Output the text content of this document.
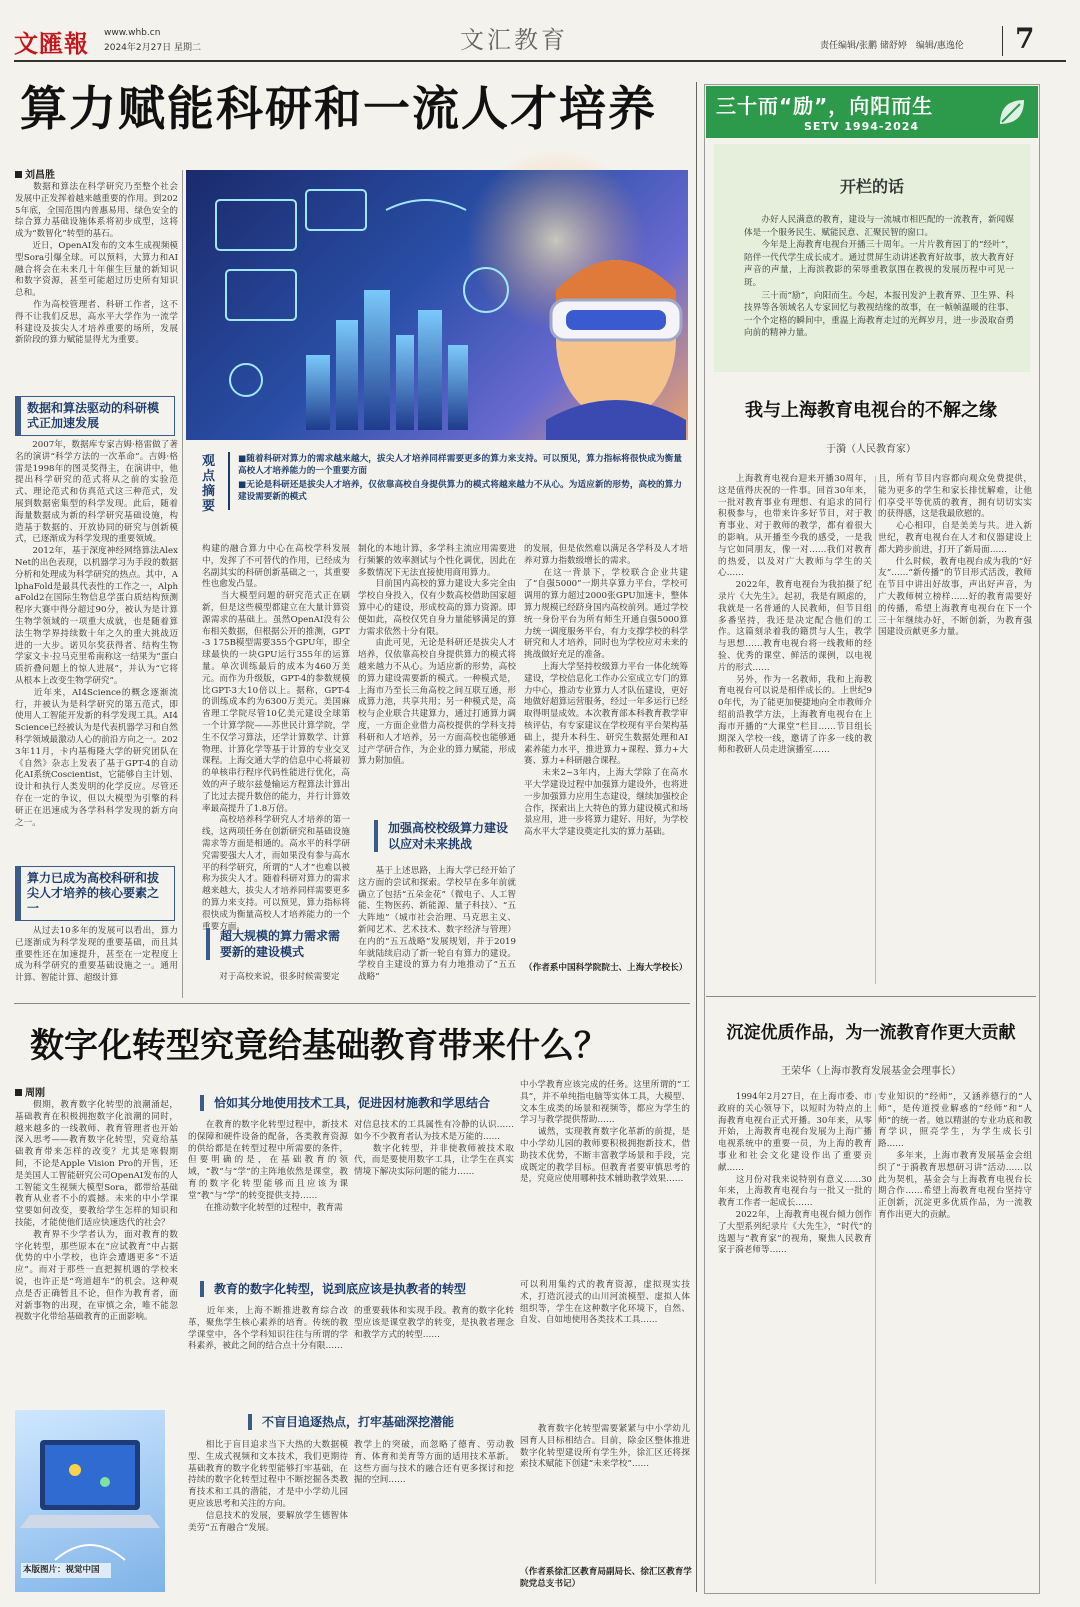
文匯報 www.whb.cn
2024年2月27日 星期二	文汇教育	责任编辑/张鹏 储舒婷　编辑/惠逸伦 7
算力赋能科研和一流人才培养
刘昌胜
　　数据和算法在科学研究乃至整个社会发展中正发挥着越来越重要的作用。到2025年底，全国范围内普惠易用、绿色安全的综合算力基础设施体系将初步成型，这将成为“数智化”转型的基石。
　　近日，OpenAI发布的文本生成视频模型Sora引爆全球。可以预料，大算力和AI融合将会在未来几十年催生巨量的新知识和数字资源，甚至可能超过历史所有知识总和。
　　作为高校管理者、科研工作者，这不得不让我们反思，高水平大学作为一流学科建设及拔尖人才培养重要的场所，发展新阶段的算力赋能显得尤为重要。
数据和算法驱动的科研模式正加速发展
　　2007年，数据库专家吉姆·格雷做了著名的演讲“科学方法的一次革命”。吉姆·格雷是1998年的图灵奖得主，在演讲中，他提出科学研究的范式将从之前的实验范式、理论范式和仿真范式这三种范式，发展到数据密集型的科学发现。此后，随着海量数据成为新的科学研究基础设施，构造基于数据的、开放协同的研究与创新模式，已逐渐成为科学发现的重要领域。
　　2012年，基于深度神经网络算法AlexNet的出色表现，以机器学习为手段的数据分析和处理成为科学研究的热点。其中，AlphaFold是最具代表性的工作之一，AlphaFold2在国际生物信息学蛋白质结构预测程序大赛中得分超过90分，被认为是计算生物学领域的一项重大成就，也是随着算法生物学界持续数十年之久的重大挑战迈进的一大步。诺贝尔奖获得者、结构生物学家文卡·拉马克里希南称这一结果为“蛋白质折叠问题上的惊人进展”，并认为“它将从根本上改变生物学研究”。
　　近年来，AI4Science的概念逐渐流行，并被认为是科学研究的第五范式，即使用人工智能开发新的科学发现工具。AI4Science已经被认为是代表机器学习和自然科学领域最激动人心的前沿方向之一。2023年11月，卡内基梅隆大学的研究团队在《自然》杂志上发表了基于GPT-4的自动化AI系统Coscientist，它能够自主计划、设计和执行人类发明的化学反应。尽管还存在一定的争议，但以大模型为引擎的科研正在迅速成为各学科科学发现的新方向之一。
算力已成为高校科研和拔尖人才培养的核心要素之一
　　从过去10多年的发展可以看出，算力已逐渐成为科学发现的重要基础，而且其重要性还在加速提升，甚至在一定程度上成为科学研究的重要基础设施之一。通用计算、智能计算、超级计算
观点摘要
■随着科研对算力的需求越来越大，拔尖人才培养同样需要更多的算力来支持。可以预见，算力指标将很快成为衡量高校人才培养能力的一个重要方面
■无论是科研还是拔尖人才培养，仅依靠高校自身提供算力的模式将越来越力不从心。为适应新的形势，高校的算力建设需要新的模式
构建的融合算力中心在高校学科发展中，发挥了不可替代的作用，已经成为名副其实的科研创新基础之一，其重要性也愈发凸显。
　　当大模型问题的研究范式正在刷新，但是这些模型都建立在大量计算资源需求的基础上。虽然OpenAI没有公布相关数据，但根据公开的推测，GPT-3 175B模型需要355个GPU年，即全球最快的一块GPU运行355年的运算量。单次训练最后的成本为460万美元。而作为升级版，GPT-4的参数规模比GPT-3大10倍以上。据称，GPT-4的训练成本约为6300万美元。美国麻省理工学院尽管10亿美元建设全球第一个计算学院——苏世民计算学院，学生不仅学习算法，还学计算数学、计算物理、计算化学等基于计算的专业交叉课程。上海交通大学的信息中心将最初的单核串行程序代码性能进行优化，高效的声子玻尔兹曼输运方程算法计算出了比过去提升数倍的能力，并行计算效率最高提升了1.8万倍。
　　高校培养科学研究人才培养的第一线，这两项任务在创新研究和基础设施需求等方面是相通的。高水平的科学研究需要强大人才，而如果没有参与高水平的科学研究，所谓的“人才”也难以被称为拔尖人才。随着科研对算力的需求越来越大，拔尖人才培养同样需要更多的算力来支持。可以预见，算力指标将很快成为衡量高校人才培养能力的一个重要方面。
超大规模的算力需求需要新的建设模式
　　对于高校来说，很多时候需要定
制化的本地计算，多学科主流应用需要进行频繁的效率测试与个性化调优，因此在多数情况下无法直接使用商用算力。
　　目前国内高校的算力建设大多完全由学校自身投入，仅有少数高校借助国家超算中心的建设，形成校高的算力资源。即便如此，高校仅凭自身力量能够满足的算力需求依然十分有限。
　　由此可见，无论是科研还是拔尖人才培养，仅依靠高校自身提供算力的模式将越来越力不从心。为适应新的形势，高校的算力建设需要新的模式。一种模式是，上海市乃至长三角高校之间互联互通，形成算力池，共享共用；另一种模式是，高校与企业联合共建算力，通过打通算力调度，一方面企业借力高校提供的学科支持科研和人才培养，另一方面高校也能够通过产学研合作，为企业的算力赋能，形成算力附加值。
加强高校校级算力建设以应对未来挑战
　　基于上述思路，上海大学已经开始了这方面的尝试和探索。学校早在多年前就确立了包括“五朵金花”（微电子、人工智能、生物医药、新能源、量子科技）、“五大阵地”（城市社会治理、马克思主义、新闻艺术、艺术技术、数字经济与管理）在内的“五五战略”发展规划，并于2019年就陆续启动了新一轮自有算力的建设。学校自主建设的算力有力地推动了“五五战略”
的发展，但是依然难以满足各学科及人才培养对算力指数级增长的需求。
　　在这一背景下，学校联合企业共建了“自强5000”一期共享算力平台，学校可调用的算力超过2000张GPU加速卡，整体算力规模已经跻身国内高校前列。通过学校统一身份平台为所有师生开通自强5000算力统一调度服务平台，有力支撑学校的科学研究和人才培养，同时也为学校应对未来的挑战做好充足的准备。
　　上海大学坚持校级算力平台一体化统筹建设，学校信息化工作办公室成立专门的算力中心，推动专业算力人才队伍建设，更好地做好超算运营服务，经过一年多运行已经取得明显成效。本次教育部本科教育教学审核评估，有专家建议在学校现有平台架构基础上，提升本科生、研究生数据处理和AI素养能力水平，推进算力+课程、算力+大赛、算力+科研融合课程。
　　未来2~3年内，上海大学除了在高水平大学建设过程中加强算力建设外，也将进一步加强算力应用生态建设，继续加强校企合作，探索出上大特色的算力建设模式和场景应用，进一步将算力建好、用好，为学校高水平大学建设奠定扎实的算力基础。
（作者系中国科学院院士、上海大学校长）
数字化转型究竟给基础教育带来什么？
周刚
　　假期，教育数字化转型的浪潮涌起，基础教育在积极拥抱数字化浪潮的同时，越来越多的一线教师、教育管理者也开始深入思考——教育数字化转型，究竟给基础教育带来怎样的改变？尤其是寒假期间，不论是Apple Vision Pro的开售，还是美国人工智能研究公司OpenAI发布的人工智能文生视频大模型Sora，都带给基础教育从业者不小的震撼。未来的中小学课堂要如何改变，要教给学生怎样的知识和技能，才能使他们适应快速迭代的社会？
　　教育界不少学者认为，面对教育的数字化转型，那些原本在“应试教育”中占据优势的中小学校，也许会遭遇更多“不适应”。而对于那些一直把握机遇的学校来说，也许正是“弯道超车”的机会。这种观点是否正确暂且不论，但作为教育者，面对新事物的出现，在审慎之余，唯不能忽视数字化带给基础教育的正面影响。
本版图片：视觉中国
恰如其分地使用技术工具，促进因材施教和学思结合
　　在教育的数字化转型过程中，新技术的保障和硬件设备的配备，各类教育资源的供给都是在转型过程中所需要的条件，但要明确的是，在基础教育的领域，“教”与“学”的主阵地依然是课堂，教育的数字化转型能够而且应该为课堂“教”与“学”的转变提供支持……
　　在推动数字化转型的过程中，教育需
对信息技术的工具属性有冷静的认识……如今不少教育者认为技术是万能的……
　　数字化转型，并非使教师被技术取代，而是要使用数字工具，让学生在真实情境下解决实际问题的能力……
中小学教育应该完成的任务。这里所谓的“工具”，并不单纯指电脑等实体工具，大模型、文本生成类的场景和视频等，都应为学生的学习与教学提供帮助……
　　诚然，实现教育数字化革新的前提，是中小学幼儿园的教师要积极拥抱新技术，借助技术优势，不断丰富教学场景和手段，完成既定的教学目标。但教育者要审慎思考的是，究竟应使用哪种技术辅助教学效果……
教育的数字化转型，说到底应该是执教者的转型
　　近年来，上海不断推进教育综合改革，聚焦学生核心素养的培育。传统的教学课堂中，各个学科知识往往与所谓的学科素养，被此之间的结合点十分有限……
的重要载体和实现手段。教育的数字化转型应该是课堂教学的转变，是执教者理念和教学方式的转型……
可以利用集约式的教育资源，虚拟现实技术，打造沉浸式的山川河流模型、虚拟人体组织等，学生在这种数字化环境下，自然、自发、自如地使用各类技术工具……
不盲目追逐热点，打牢基础深挖潜能
　　相比于盲目追求当下大热的大数据模型、生成式视频和文本技术，我们更期待基础教育的数字化转型能够打牢基础，在持续的数字化转型过程中不断挖掘各类教育技术和工具的潜能，才是中小学幼儿园更应该思考和关注的方向。
　　信息技术的发展，要解放学生德智体美劳“五育融合”发展。
教学上的突破，而忽略了德育、劳动教育、体育和美育等方面的适用技术革新。这些方面与技术的融合还有更多探讨和挖掘的空间……
　　教育数字化转型需要紧紧与中小学幼儿园育人目标相结合。目前，除金区整体推进数字化转型建设所有学生外，徐汇区还将探索技术赋能下创建“未来学校”……
（作者系徐汇区教育局副局长、徐汇区教育学院党总支书记）
三十而“励”，向阳而生
SETV 1994-2024
开栏的话
　　办好人民满意的教育，建设与一流城市相匹配的一流教育，新闻媒体是一个服务民生、赋能民意、汇聚民智的窗口。
　　今年是上海教育电视台开播三十周年。一片片教育园丁的“经叶”，陪伴一代代学生成长成才。通过贯屏生动讲述教育好故事，放大教育好声音的声量，上海滨教影的荣辱重教氛围在教视的发展历程中可见一斑。
　　三十而“励”，向阳而生。今起，本报刊发沪上教育界、卫生界、科技界等各领域名人专家回忆与教视结缘的故事，在一帧帧温暖的往事、一个个定格的瞬间中，重温上海教育走过的光辉岁月，进一步汲取奋勇向前的精神力量。
我与上海教育电视台的不解之缘
于漪（人民教育家）
　　上海教育电视台迎来开播30周年，这是值得庆祝的一件事。回首30年来，一批对教育事业有理想、有追求的同行积极参与，也带来许多好节目，对于教育事业、对于教师的教学，都有着很大的影响。从开播至今我的感受，一是我与它如同朋友，像一对……我们对教育的热爱，以及对广大教师与学生的关心……
　　2022年，教育电视台为我拍摄了纪录片《大先生》。起初，我是有顾虑的，我就是一名普通的人民教师，但节目组多番坚持，我还是决定配合他们的工作。这篇刻录着我的籍贯与人生，教学与思想……教育电视台将一线教师的经验、优秀的课堂、鲜活的课例，以电视片的形式……
　　另外，作为一名教师，我和上海教育电视台可以说是相伴成长的。上世纪90年代，为了能更加便捷地向全市教师介绍前沿教学方法，上海教育电视台在上海市开播的“大课堂”栏目……节目组长期深入学校一线，邀请了许多一线的教师和教研人员走进演播室……
且，所有节目内容都向观众免费提供，能为更多的学生和家长排忧解难，让他们享受平等优质的教育，拥有切切实实的获得感，这是我最欣慰的。
　　心心相印，自是美美与共。进入新世纪，教育电视台在人才和仪器建设上都大跨步前进，打开了新局面……
　　什么时候，教育电视台成为我的“好友”……“新传播”的节目形式活泼，教师在节目中讲出好故事，声出好声音，为广大教师树立榜样……好的教育需要好的传播，希望上海教育电视台在下一个三十年继续办好，不断创新，为教育强国建设贡献更多力量。
沉淀优质作品，为一流教育作更大贡献
王荣华（上海市教育发展基金会理事长）
　　1994年2月27日，在上海市委、市政府的关心领导下，以短时为特点的上海教育电视台正式开播。30年来，从零开始，上海教育电视台发展为上海广播电视系统中的重要一员，为上海的教育事业和社会文化建设作出了重要贡献……
　　这月份对我来说特别有意义……30年来，上海教育电视台与一批又一批的教育工作者一起成长……
　　2022年，上海教育电视台倾力创作了大型系列纪录片《大先生》，“时代”的选题与“教育家”的视角，聚焦人民教育家于漪老师等……
专业知识的“经师”，又涵养德行的“人师”，是传道授业解惑的“经师”和“人师”的统一者。她以精湛的专业功底和教育学识，照亮学生，为学生成长引路……
　　多年来，上海市教育发展基金会组织了“于漪教育思想研习讲”活动……以此为契机，基金会与上海教育电视台长期合作……希望上海教育电视台坚持守正创新，沉淀更多优质作品，为一流教育作出更大的贡献。
